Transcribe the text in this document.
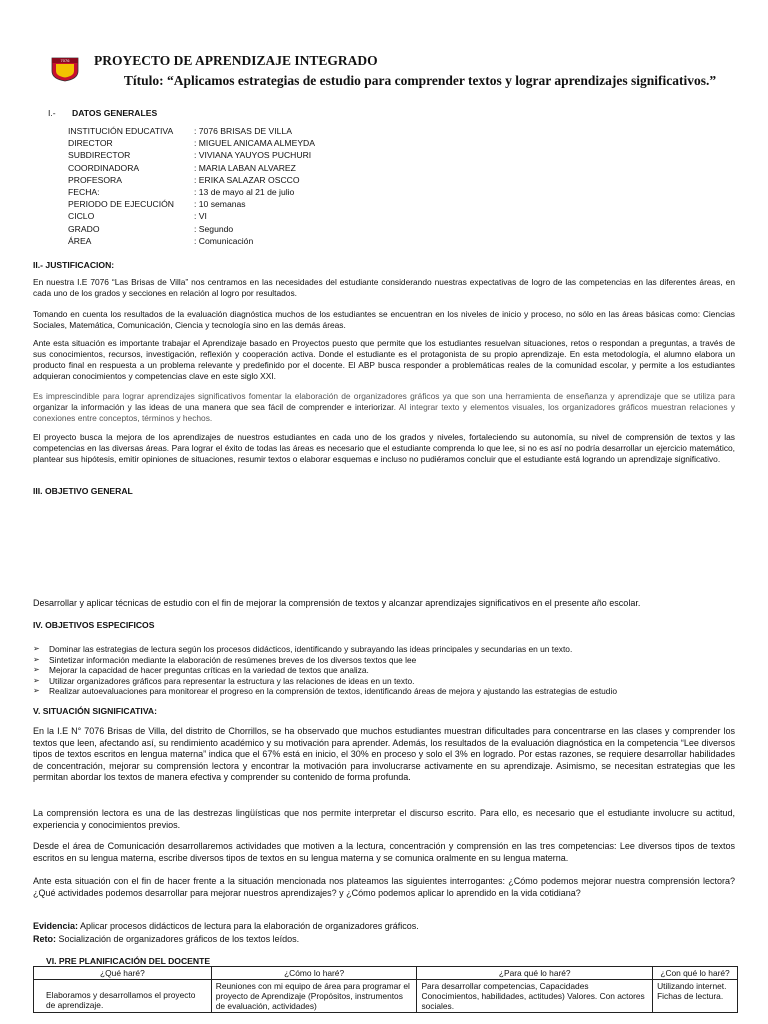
7076 PROYECTO DE APRENDIZAJE INTEGRADO
Título: “Aplicamos estrategias de estudio para comprender textos y lograr aprendizajes significativos.”
I.- DATOS GENERALES
INSTITUCIÓN EDUCATIVA	: 7076 BRISAS DE VILLA
DIRECTOR	: MIGUEL ANICAMA ALMEYDA
SUBDIRECTOR	: VIVIANA YAUYOS PUCHURI
COORDINADORA	: MARIA LABAN ALVAREZ
PROFESORA	: ERIKA SALAZAR OSCCO
FECHA:	: 13 de mayo al 21 de julio
PERIODO DE EJECUCIÓN	: 10 semanas
CICLO	: VI
GRADO	: Segundo
ÁREA	: Comunicación
II.- JUSTIFICACION:

En nuestra I.E 7076 “Las Brisas de Villa” nos centramos en las necesidades del estudiante considerando nuestras expectativas de logro de las competencias en las diferentes áreas, en cada uno de los grados y secciones en relación al logro por resultados.

Tomando en cuenta los resultados de la evaluación diagnóstica muchos de los estudiantes se encuentran en los niveles de inicio y proceso, no sólo en las áreas básicas como: Ciencias Sociales, Matemática, Comunicación, Ciencia y tecnología sino en las demás áreas.

Ante esta situación es importante trabajar el Aprendizaje basado en Proyectos puesto que permite que los estudiantes resuelvan situaciones, retos o respondan a preguntas, a través de sus conocimientos, recursos, investigación, reflexión y cooperación activa. Donde el estudiante es el protagonista de su propio aprendizaje. En esta metodología, el alumno elabora un producto final en respuesta a un problema relevante y predefinido por el docente. El ABP busca responder a problemáticas reales de la comunidad escolar, y permite a los estudiantes adquieran conocimientos y competencias clave en este siglo XXI.

Es imprescindible para lograr aprendizajes significativos fomentar la elaboración de organizadores gráficos ya que son una herramienta de enseñanza y aprendizaje que se utiliza para organizar la información y las ideas de una manera que sea fácil de comprender e interiorizar. Al integrar texto y elementos visuales, los organizadores gráficos muestran relaciones y conexiones entre conceptos, términos y hechos.

El proyecto busca la mejora de los aprendizajes de nuestros estudiantes en cada uno de los grados y niveles, fortaleciendo su autonomía, su nivel de comprensión de textos y las competencias en las diversas áreas. Para lograr el éxito de todas las áreas es necesario que el estudiante comprenda lo que lee, si no es así no podría desarrollar un ejercicio matemático, plantear sus hipótesis, emitir opiniones de situaciones, resumir textos o elaborar esquemas e incluso no pudiéramos concluir que el estudiante está logrando un aprendizaje significativo.

III. OBJETIVO GENERAL

Desarrollar y aplicar técnicas de estudio con el fin de mejorar la comprensión de textos y alcanzar aprendizajes significativos en el presente año escolar.

IV. OBJETIVOS ESPECIFICOS
➢ Dominar las estrategias de lectura según los procesos didácticos, identificando y subrayando las ideas principales y secundarias en un texto.
➢ Sintetizar información mediante la elaboración de resúmenes breves de los diversos textos que lee
➢ Mejorar la capacidad de hacer preguntas críticas en la variedad de textos que analiza.
➢ Utilizar organizadores gráficos para representar la estructura y las relaciones de ideas en un texto.
➢ Realizar autoevaluaciones para monitorear el progreso en la comprensión de textos, identificando áreas de mejora y ajustando las estrategias de estudio
V. SITUACIÓN SIGNIFICATIVA:

En la I.E N° 7076 Brisas de Villa, del distrito de Chorrillos, se ha observado que muchos estudiantes muestran dificultades para concentrarse en las clases y comprender los textos que leen, afectando así, su rendimiento académico y su motivación para aprender. Además, los resultados de la evaluación diagnóstica en la competencia “Lee diversos tipos de textos escritos en lengua materna” indica que el 67% está en inicio, el 30% en proceso y solo el 3% en logrado. Por estas razones, se requiere desarrollar habilidades de concentración, mejorar su comprensión lectora y encontrar la motivación para involucrarse activamente en su aprendizaje. Asimismo, se necesitan estrategias que les permitan abordar los textos de manera efectiva y comprender su contenido de forma profunda.

La comprensión lectora es una de las destrezas lingüísticas que nos permite interpretar el discurso escrito. Para ello, es necesario que el estudiante involucre su actitud, experiencia y conocimientos previos.

Desde el área de Comunicación desarrollaremos actividades que motiven a la lectura, concentración y comprensión en las tres competencias: Lee diversos tipos de textos escritos en su lengua materna, escribe diversos tipos de textos en su lengua materna y se comunica oralmente en su lengua materna.

Ante esta situación con el fin de hacer frente a la situación mencionada nos plateamos las siguientes interrogantes: ¿Cómo podemos mejorar nuestra comprensión lectora? ¿Qué actividades podemos desarrollar para mejorar nuestros aprendizajes? y ¿Cómo podemos aplicar lo aprendido en la vida cotidiana?

Evidencia: Aplicar procesos didácticos de lectura para la elaboración de organizadores gráficos.

Reto: Socialización de organizadores gráficos de los textos leídos.

VI. PRE PLANIFICACIÓN DEL DOCENTE
¿Qué haré?	¿Cómo lo haré?	¿Para qué lo haré?	¿Con qué lo haré?
Elaboramos y desarrollamos el proyecto de aprendizaje.	Reuniones con mi equipo de área para programar el proyecto de Aprendizaje (Propósitos, instrumentos de evaluación, actividades)	Para desarrollar competencias, Capacidades Conocimientos, habilidades, actitudes) Valores. Con actores sociales.	Utilizando internet. Fichas de lectura.
